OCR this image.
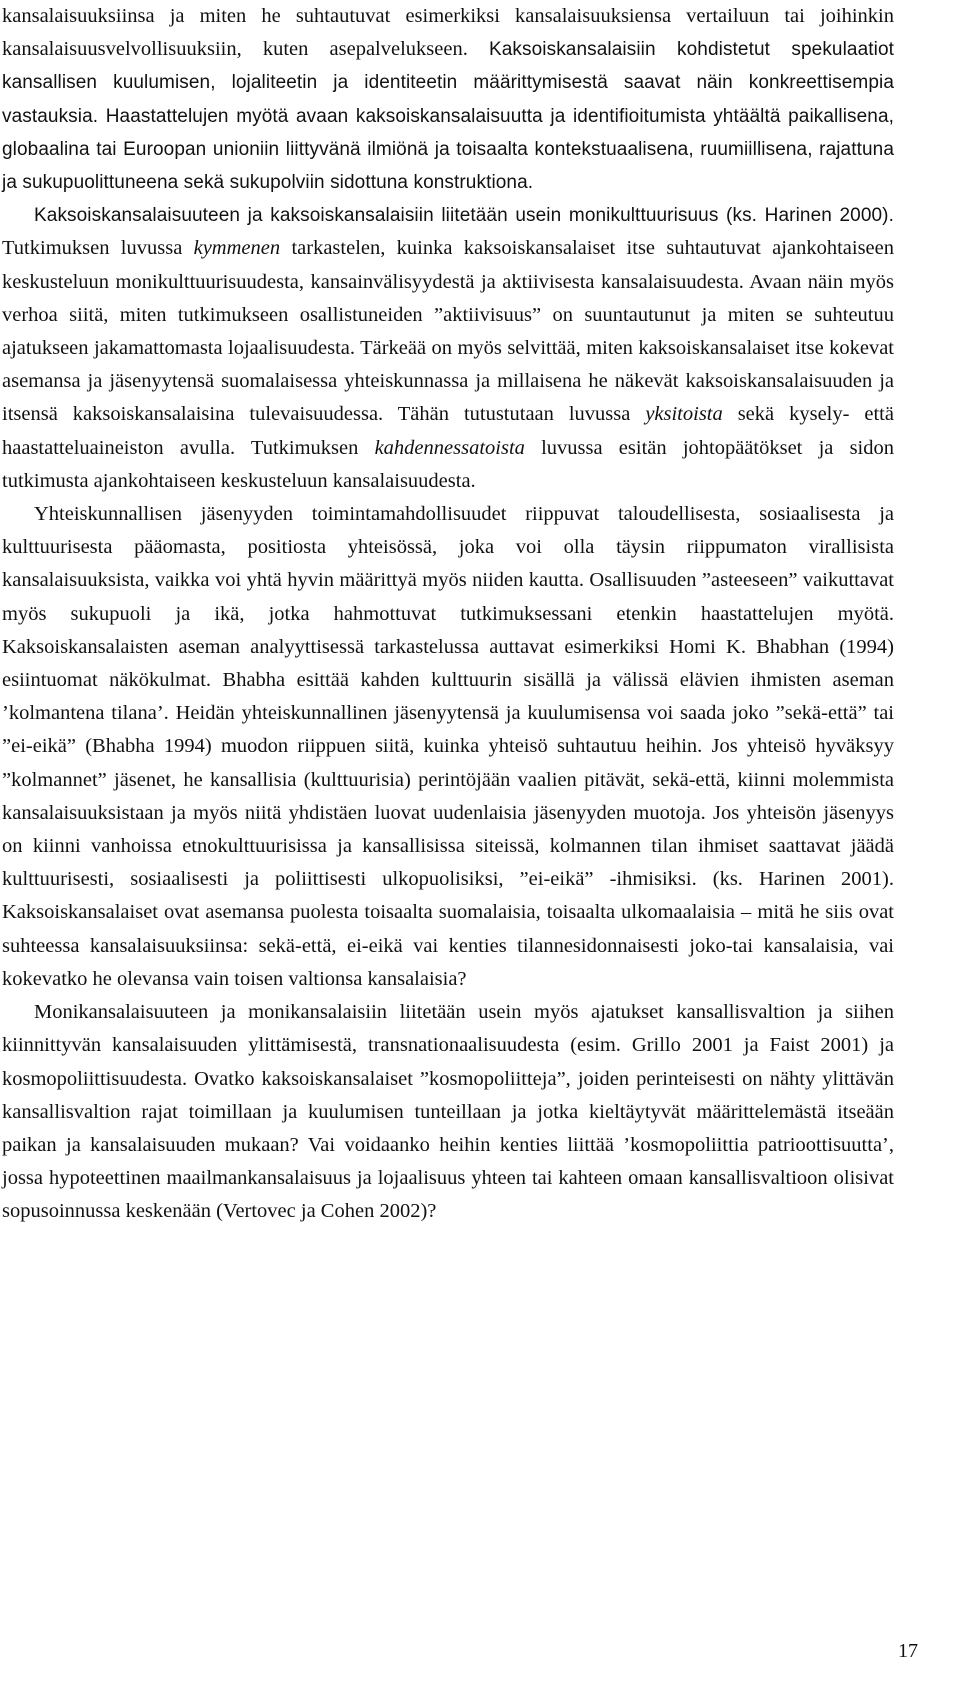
kansalaisuuksiinsa ja miten he suhtautuvat esimerkiksi kansalaisuuksiensa vertailuun tai joihinkin kansalaisuusvelvollisuuksiin, kuten asepalvelukseen. Kaksoiskansalaisiin kohdistetut spekulaatiot kansallisen kuulumisen, lojaliteetin ja identiteetin määrittymisestä saavat näin konkreettisempia vastauksia. Haastattelujen myötä avaan kaksoiskansalaisuutta ja identifioitumista yhtäältä paikallisena, globaalina tai Euroopan unioniin liittyvänä ilmiönä ja toisaalta kontekstuaalisena, ruumiillisena, rajattuna ja sukupuolittuneena sekä sukupolviin sidottuna konstruktiona.

Kaksoiskansalaisuuteen ja kaksoiskansalaisiin liitetään usein monikulttuurisuus (ks. Harinen 2000). Tutkimuksen luvussa kymmenen tarkastelen, kuinka kaksoiskansalaiset itse suhtautuvat ajankohtaiseen keskusteluun monikulttuurisuudesta, kansainvälisyydestä ja aktiivisesta kansalaisuudesta. Avaan näin myös verhoa siitä, miten tutkimukseen osallistuneiden ”aktiivisuus” on suuntautunut ja miten se suhteutuu ajatukseen jakamattomasta lojaalisuudesta. Tärkeää on myös selvittää, miten kaksoiskansalaiset itse kokevat asemansa ja jäsenyytensä suomalaisessa yhteiskunnassa ja millaisena he näkevät kaksoiskansalaisuuden ja itsensä kaksoiskansalaisina tulevaisuudessa. Tähän tutustutaan luvussa yksitoista sekä kysely- että haastatteluaineiston avulla. Tutkimuksen kahdennessatoista luvussa esitän johtopäätökset ja sidon tutkimusta ajankohtaiseen keskusteluun kansalaisuudesta.

Yhteiskunnallisen jäsenyyden toimintamahdollisuudet riippuvat taloudellisesta, sosiaalisesta ja kulttuurisesta pääomasta, positiosta yhteisössä, joka voi olla täysin riippumaton virallisista kansalaisuuksista, vaikka voi yhtä hyvin määrittyä myös niiden kautta. Osallisuuden ”asteeseen” vaikuttavat myös sukupuoli ja ikä, jotka hahmottuvat tutkimuksessani etenkin haastattelujen myötä. Kaksoiskansalaisten aseman analyyttisessä tarkastelussa auttavat esimerkiksi Homi K. Bhabhan (1994) esiintuomat näkökulmat. Bhabha esittää kahden kulttuurin sisällä ja välissä elävien ihmisten aseman ’kolmantena tilana’. Heidän yhteiskunnallinen jäsenyytensä ja kuulumisensa voi saada joko ”sekä-että” tai ”ei-eikä” (Bhabha 1994) muodon riippuen siitä, kuinka yhteisö suhtautuu heihin. Jos yhteisö hyväksyy ”kolmannet” jäsenet, he kansallisia (kulttuurisia) perintöjään vaalien pitävät, sekä-että, kiinni molemmista kansalaisuuksistaan ja myös niitä yhdistäen luovat uudenlaisia jäsenyyden muotoja. Jos yhteisön jäsenyys on kiinni vanhoissa etnokulttuurisissa ja kansallisissa siteissä, kolmannen tilan ihmiset saattavat jäädä kulttuurisesti, sosiaalisesti ja poliittisesti ulkopuolisiksi, ”ei-eikä” -ihmisiksi. (ks. Harinen 2001). Kaksoiskansalaiset ovat asemansa puolesta toisaalta suomalaisia, toisaalta ulkomaalaisia – mitä he siis ovat suhteessa kansalaisuuksiinsa: sekä-että, ei-eikä vai kenties tilannesidonnaisesti joko-tai kansalaisia, vai kokevatko he olevansa vain toisen valtionsa kansalaisia?

Monikansalaisuuteen ja monikansalaisiin liitetään usein myös ajatukset kansallisvaltion ja siihen kiinnittyvän kansalaisuuden ylittämisestä, transnationaalisuudesta (esim. Grillo 2001 ja Faist 2001) ja kosmopoliittisuudesta. Ovatko kaksoiskansalaiset ”kosmopoliitteja”, joiden perinteisesti on nähty ylittävän kansallisvaltion rajat toimillaan ja kuulumisen tunteillaan ja jotka kieltäytyvät määrittelemästä itseään paikan ja kansalaisuuden mukaan? Vai voidaanko heihin kenties liittää ’kosmopoliittia patrioottisuutta’, jossa hypoteettinen maailmankansalaisuus ja lojaalisuus yhteen tai kahteen omaan kansallisvaltioon olisivat sopusoinnussa keskenään (Vertovec ja Cohen 2002)?

17
